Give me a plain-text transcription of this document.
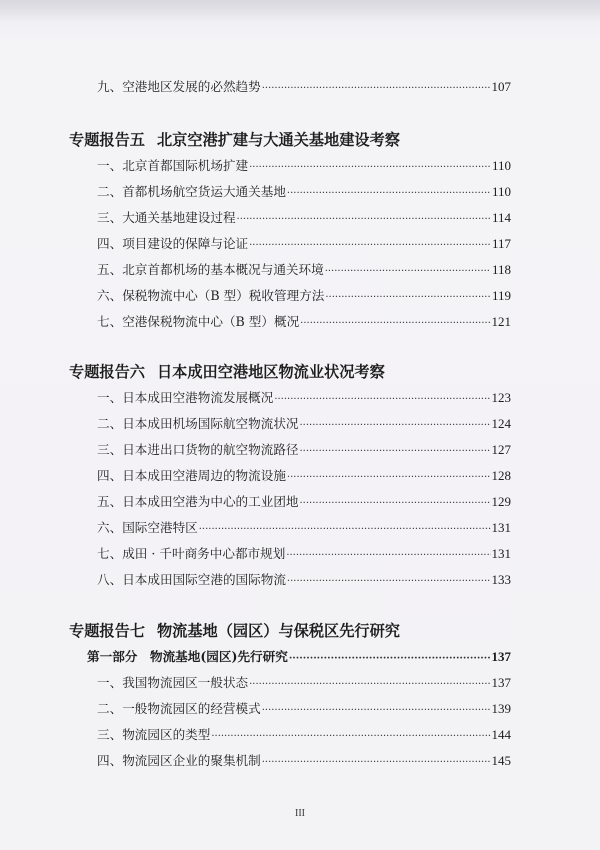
九、空港地区发展的必然趋势 ·····	107
专题报告五 北京空港扩建与大通关基地建设考察
一、北京首都国际机场扩建 ·····	110
二、首都机场航空货运大通关基地 ·····	110
三、大通关基地建设过程 ·····	114
四、项目建设的保障与论证 ·····	117
五、北京首都机场的基本概况与通关环境 ·····	118
六、保税物流中心（B 型）税收管理方法 ·····	119
七、空港保税物流中心（B 型）概况 ·····	121
专题报告六 日本成田空港地区物流业状况考察
一、日本成田空港物流发展概况 ·····	123
二、日本成田机场国际航空物流状况 ·····	124
三、日本进出口货物的航空物流路径 ·····	127
四、日本成田空港周边的物流设施 ·····	128
五、日本成田空港为中心的工业团地 ·····	129
六、国际空港特区 ·····	131
七、成田 · 千叶商务中心都市规划 ·····	131
八、日本成田国际空港的国际物流 ·····	133
专题报告七 物流基地（园区）与保税区先行研究
第一部分　物流基地(园区)先行研究 ·····	137
一、我国物流园区一般状态 ·····	137
二、一般物流园区的经营模式 ·····	139
三、物流园区的类型 ·····	144
四、物流园区企业的聚集机制 ·····	145
III
